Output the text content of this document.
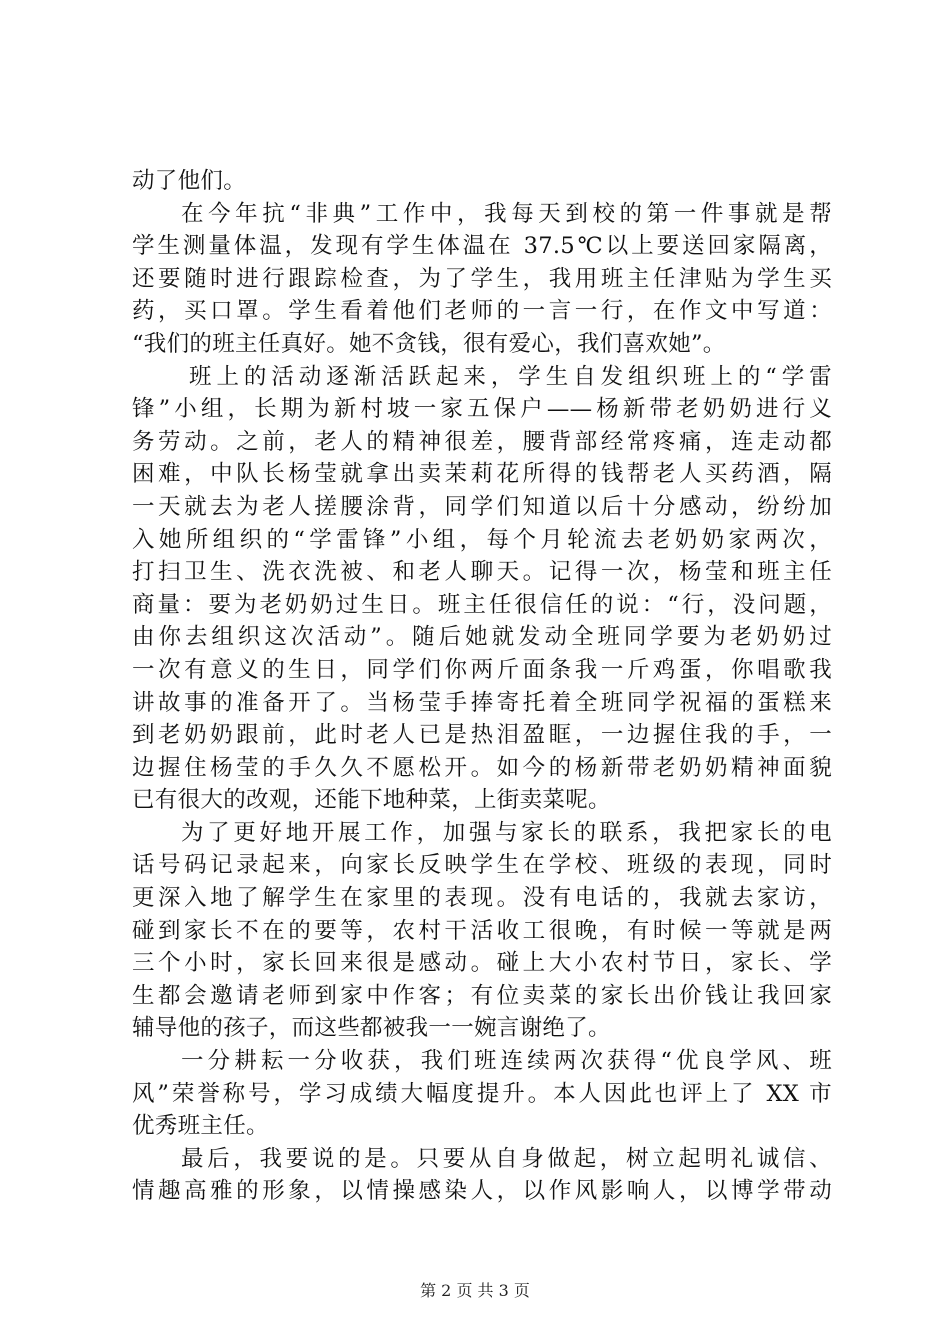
动了他们。
在今年抗“非典”工作中，我每天到校的第一件事就是帮
学生测量体温，发现有学生体温在 37.5℃以上要送回家隔离，
还要随时进行跟踪检查，为了学生，我用班主任津贴为学生买
药，买口罩。学生看着他们老师的一言一行，在作文中写道：
“我们的班主任真好。她不贪钱，很有爱心，我们喜欢她”。
班上的活动逐渐活跃起来，学生自发组织班上的“学雷
锋”小组，长期为新村坡一家五保户——杨新带老奶奶进行义
务劳动。之前，老人的精神很差，腰背部经常疼痛，连走动都
困难，中队长杨莹就拿出卖茉莉花所得的钱帮老人买药酒，隔
一天就去为老人搓腰涂背，同学们知道以后十分感动，纷纷加
入她所组织的“学雷锋”小组，每个月轮流去老奶奶家两次，
打扫卫生、洗衣洗被、和老人聊天。记得一次，杨莹和班主任
商量：要为老奶奶过生日。班主任很信任的说：“行，没问题，
由你去组织这次活动”。随后她就发动全班同学要为老奶奶过
一次有意义的生日，同学们你两斤面条我一斤鸡蛋，你唱歌我
讲故事的准备开了。当杨莹手捧寄托着全班同学祝福的蛋糕来
到老奶奶跟前，此时老人已是热泪盈眶，一边握住我的手，一
边握住杨莹的手久久不愿松开。如今的杨新带老奶奶精神面貌
已有很大的改观，还能下地种菜，上街卖菜呢。
为了更好地开展工作，加强与家长的联系，我把家长的电
话号码记录起来，向家长反映学生在学校、班级的表现，同时
更深入地了解学生在家里的表现。没有电话的，我就去家访，
碰到家长不在的要等，农村干活收工很晚，有时候一等就是两
三个小时，家长回来很是感动。碰上大小农村节日，家长、学
生都会邀请老师到家中作客；有位卖菜的家长出价钱让我回家
辅导他的孩子，而这些都被我一一婉言谢绝了。
一分耕耘一分收获，我们班连续两次获得“优良学风、班
风”荣誉称号，学习成绩大幅度提升。本人因此也评上了 XX 市
优秀班主任。
最后，我要说的是。只要从自身做起，树立起明礼诚信、
情趣高雅的形象，以情操感染人，以作风影响人，以博学带动
第 2 页 共 3 页
